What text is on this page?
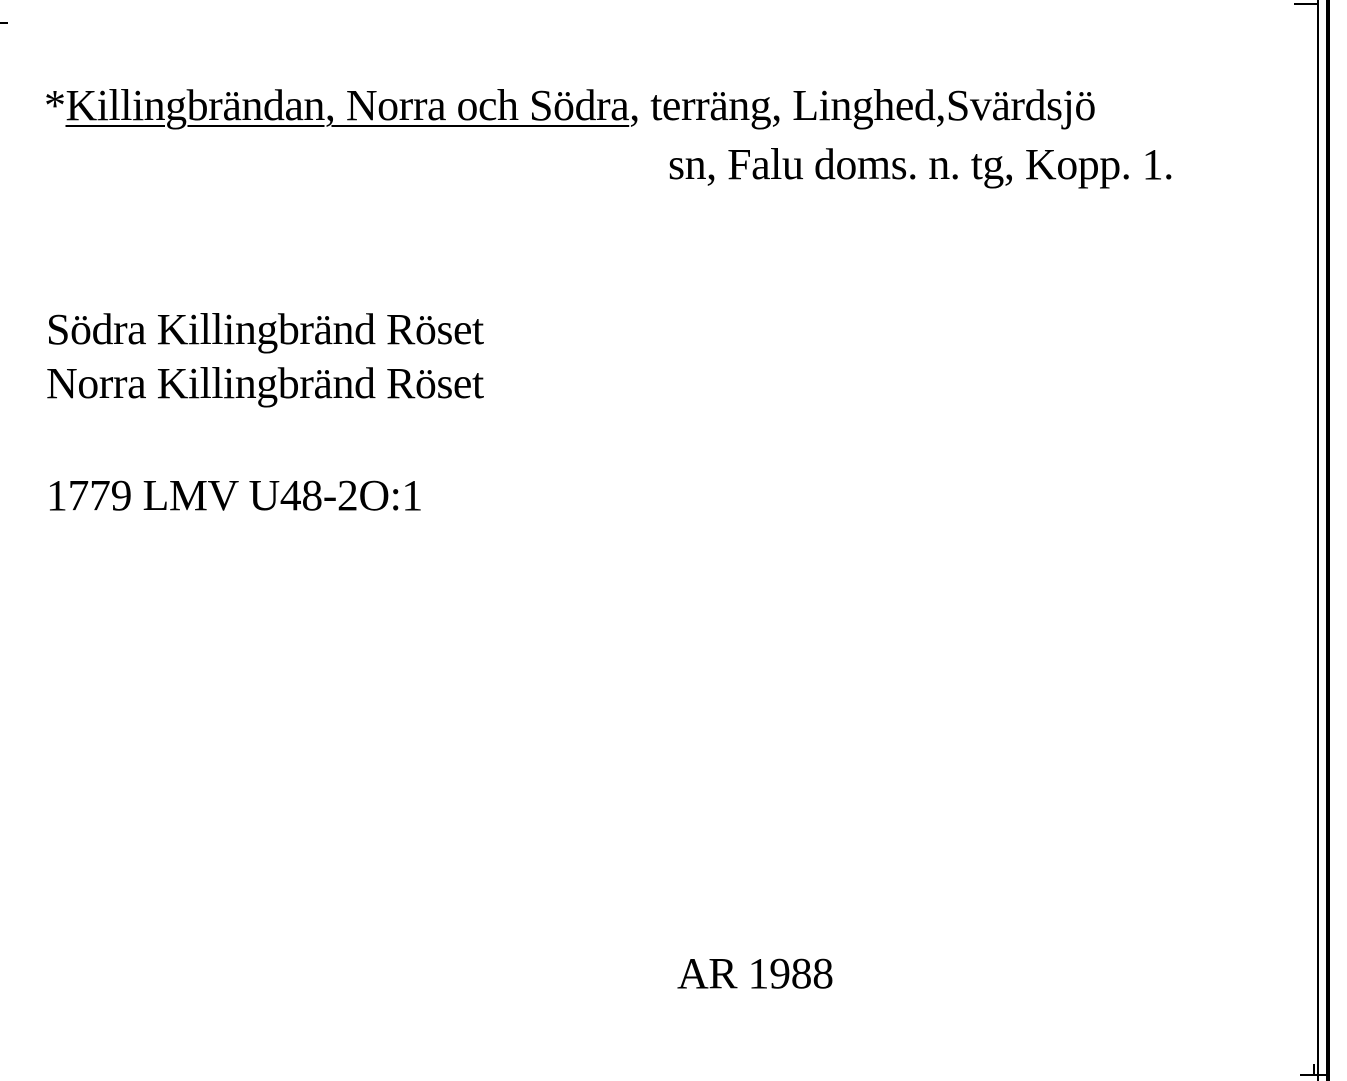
*Killingbrändan, Norra och Södra, terräng, Linghed,Svärdsjö
sn, Falu doms. n. tg, Kopp. 1.
Södra Killingbränd Röset
Norra Killingbränd Röset
1779 LMV U48-2O:1
AR 1988
